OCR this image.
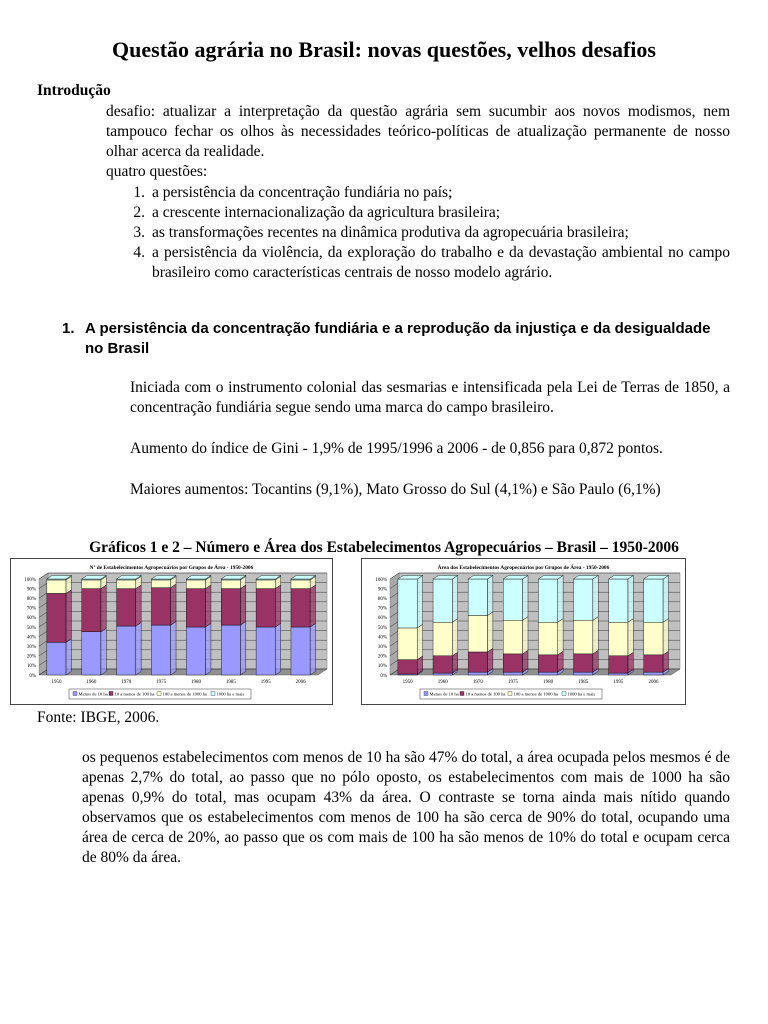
Questão agrária no Brasil: novas questões, velhos desafios
Introdução
desafio: atualizar a interpretação da questão agrária sem sucumbir aos novos modismos, nem tampouco fechar os olhos às necessidades teórico-políticas de atualização permanente de nosso olhar acerca da realidade.
quatro questões:
1. a persistência da concentração fundiária no país;
2. a crescente internacionalização da agricultura brasileira;
3. as transformações recentes na dinâmica produtiva da agropecuária brasileira;
4. a persistência da violência, da exploração do trabalho e da devastação ambiental no campo brasileiro como características centrais de nosso modelo agrário.
1. A persistência da concentração fundiária e a reprodução da injustiça e da desigualdade no Brasil
Iniciada com o instrumento colonial das sesmarias e intensificada pela Lei de Terras de 1850, a concentração fundiária segue sendo uma marca do campo brasileiro.
Aumento do índice de Gini - 1,9% de 1995/1996 a 2006 - de 0,856 para 0,872 pontos.
Maiores aumentos: Tocantins (9,1%), Mato Grosso do Sul (4,1%) e São Paulo (6,1%)
Gráficos 1 e 2 – Número e Área dos Estabelecimentos Agropecuários – Brasil – 1950-2006
Nº de Estabelecimentos Agropecuários por Grupos de Área - 1950-2006
0%
10%
20%
30%
40%
50%
60%
70%
80%
90%
100%
1950	1960	1970	1975	1980	1985	1995	2006
Menos de 10 ha 10 a menos de 100 ha 100 a menos de 1000 ha 1000 ha e mais
Área dos Estabelecimentos Agropecuários por Grupos de Área - 1950-2006
0%
10%
20%
30%
40%
50%
60%
70%
80%
90%
100%
1950	1960	1970	1975	1980	1985	1995	2006
Menos de 10 ha 10 a menos de 100 ha 100 a menos de 1000 ha 1000 ha e mais
Fonte: IBGE, 2006.
os pequenos estabelecimentos com menos de 10 ha são 47% do total, a área ocupada pelos mesmos é de apenas 2,7% do total, ao passo que no pólo oposto, os estabelecimentos com mais de 1000 ha são apenas 0,9% do total, mas ocupam 43% da área. O contraste se torna ainda mais nítido quando observamos que os estabelecimentos com menos de 100 ha são cerca de 90% do total, ocupando uma área de cerca de 20%, ao passo que os com mais de 100 ha são menos de 10% do total e ocupam cerca de 80% da área.
